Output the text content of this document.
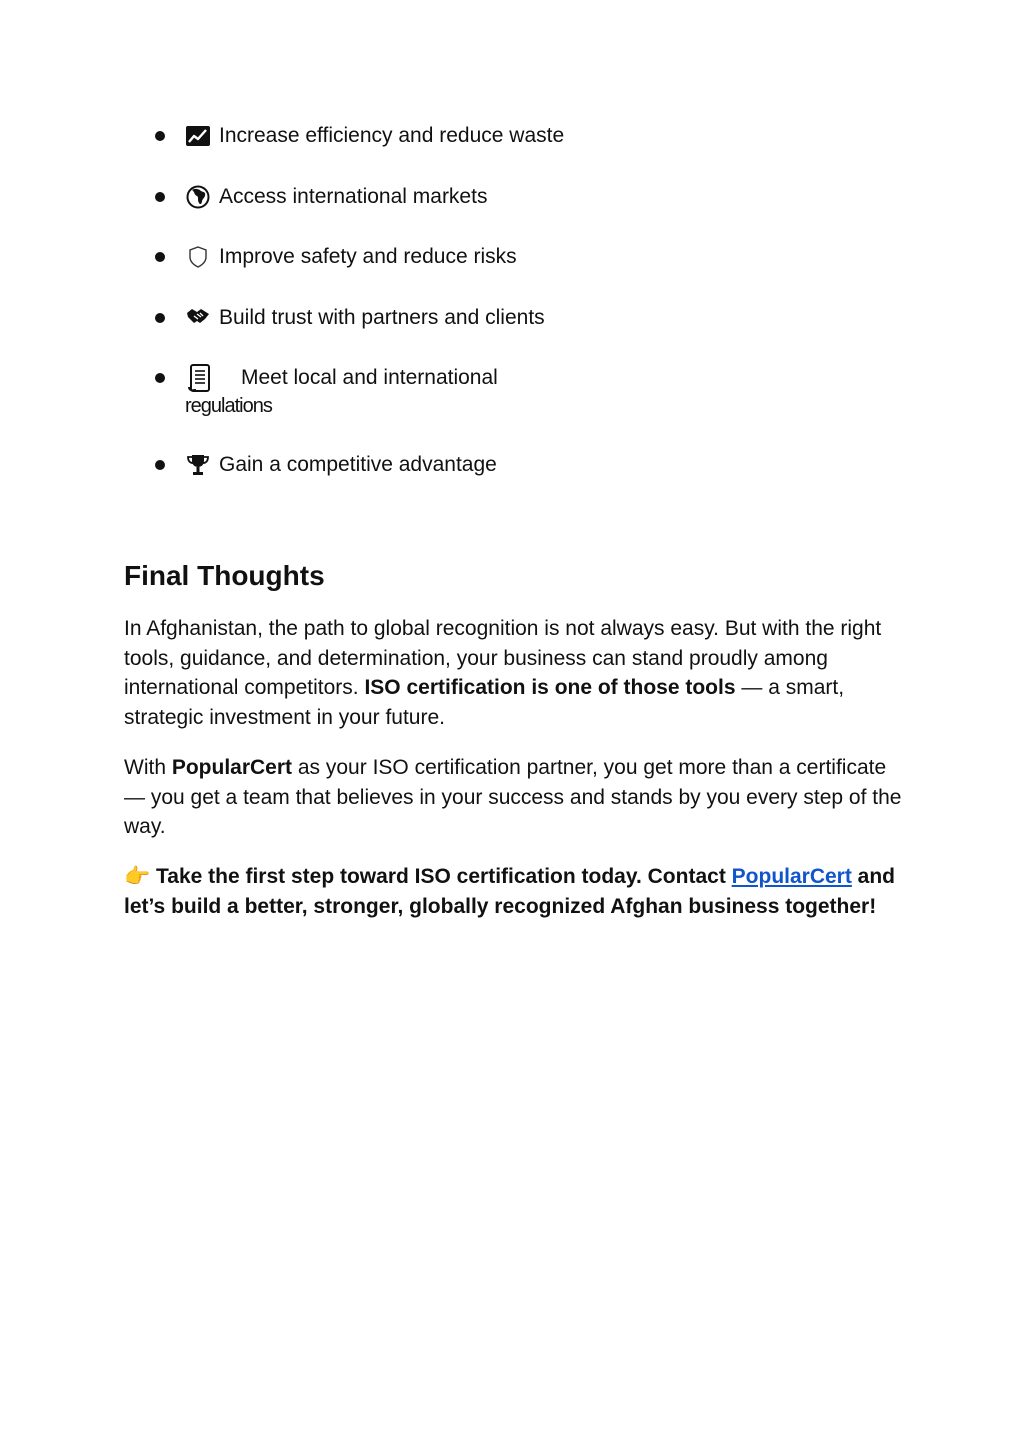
Increase efficiency and reduce waste
Access international markets
Improve safety and reduce risks
Build trust with partners and clients
Meet local and international
regulations
Gain a competitive advantage
Final Thoughts

In Afghanistan, the path to global recognition is not always easy. But with the right tools, guidance, and determination, your business can stand proudly among international competitors. ISO certification is one of those tools — a smart, strategic investment in your future.

With PopularCert as your ISO certification partner, you get more than a certificate — you get a team that believes in your success and stands by you every step of the way.

👉 Take the first step toward ISO certification today. Contact PopularCert and let’s build a better, stronger, globally recognized Afghan business together!
